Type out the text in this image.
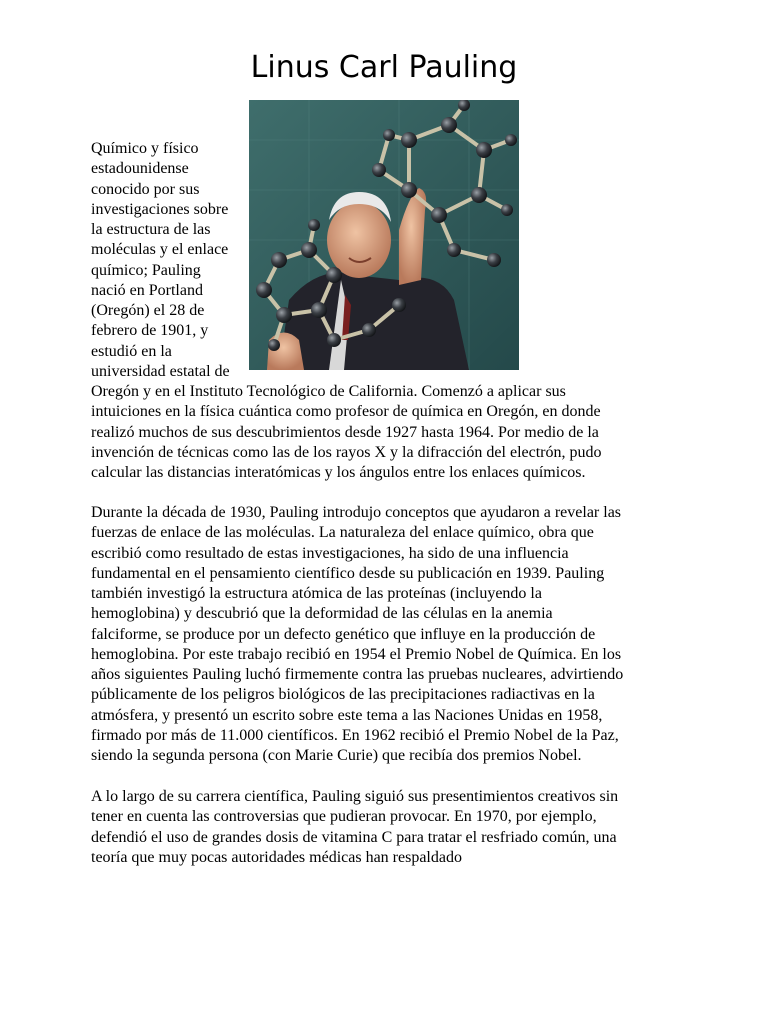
Linus Carl Pauling
Químico y físico
estadounidense
conocido por sus
investigaciones sobre
la estructura de las
moléculas y el enlace
químico; Pauling
nació en Portland
(Oregón) el 28 de
febrero de 1901, y
estudió en la
universidad estatal de
Oregón y en el Instituto Tecnológico de California. Comenzó a aplicar sus
intuiciones en la física cuántica como profesor de química en Oregón, en donde
realizó muchos de sus descubrimientos desde 1927 hasta 1964. Por medio de la
invención de técnicas como las de los rayos X y la difracción del electrón, pudo
calcular las distancias interatómicas y los ángulos entre los enlaces químicos.
Durante la década de 1930, Pauling introdujo conceptos que ayudaron a revelar las
fuerzas de enlace de las moléculas. La naturaleza del enlace químico, obra que
escribió como resultado de estas investigaciones, ha sido de una influencia
fundamental en el pensamiento científico desde su publicación en 1939. Pauling
también investigó la estructura atómica de las proteínas (incluyendo la
hemoglobina) y descubrió que la deformidad de las células en la anemia
falciforme, se produce por un defecto genético que influye en la producción de
hemoglobina. Por este trabajo recibió en 1954 el Premio Nobel de Química. En los
años siguientes Pauling luchó firmemente contra las pruebas nucleares, advirtiendo
públicamente de los peligros biológicos de las precipitaciones radiactivas en la
atmósfera, y presentó un escrito sobre este tema a las Naciones Unidas en 1958,
firmado por más de 11.000 científicos. En 1962 recibió el Premio Nobel de la Paz,
siendo la segunda persona (con Marie Curie) que recibía dos premios Nobel.
A lo largo de su carrera científica, Pauling siguió sus presentimientos creativos sin
tener en cuenta las controversias que pudieran provocar. En 1970, por ejemplo,
defendió el uso de grandes dosis de vitamina C para tratar el resfriado común, una
teoría que muy pocas autoridades médicas han respaldado
